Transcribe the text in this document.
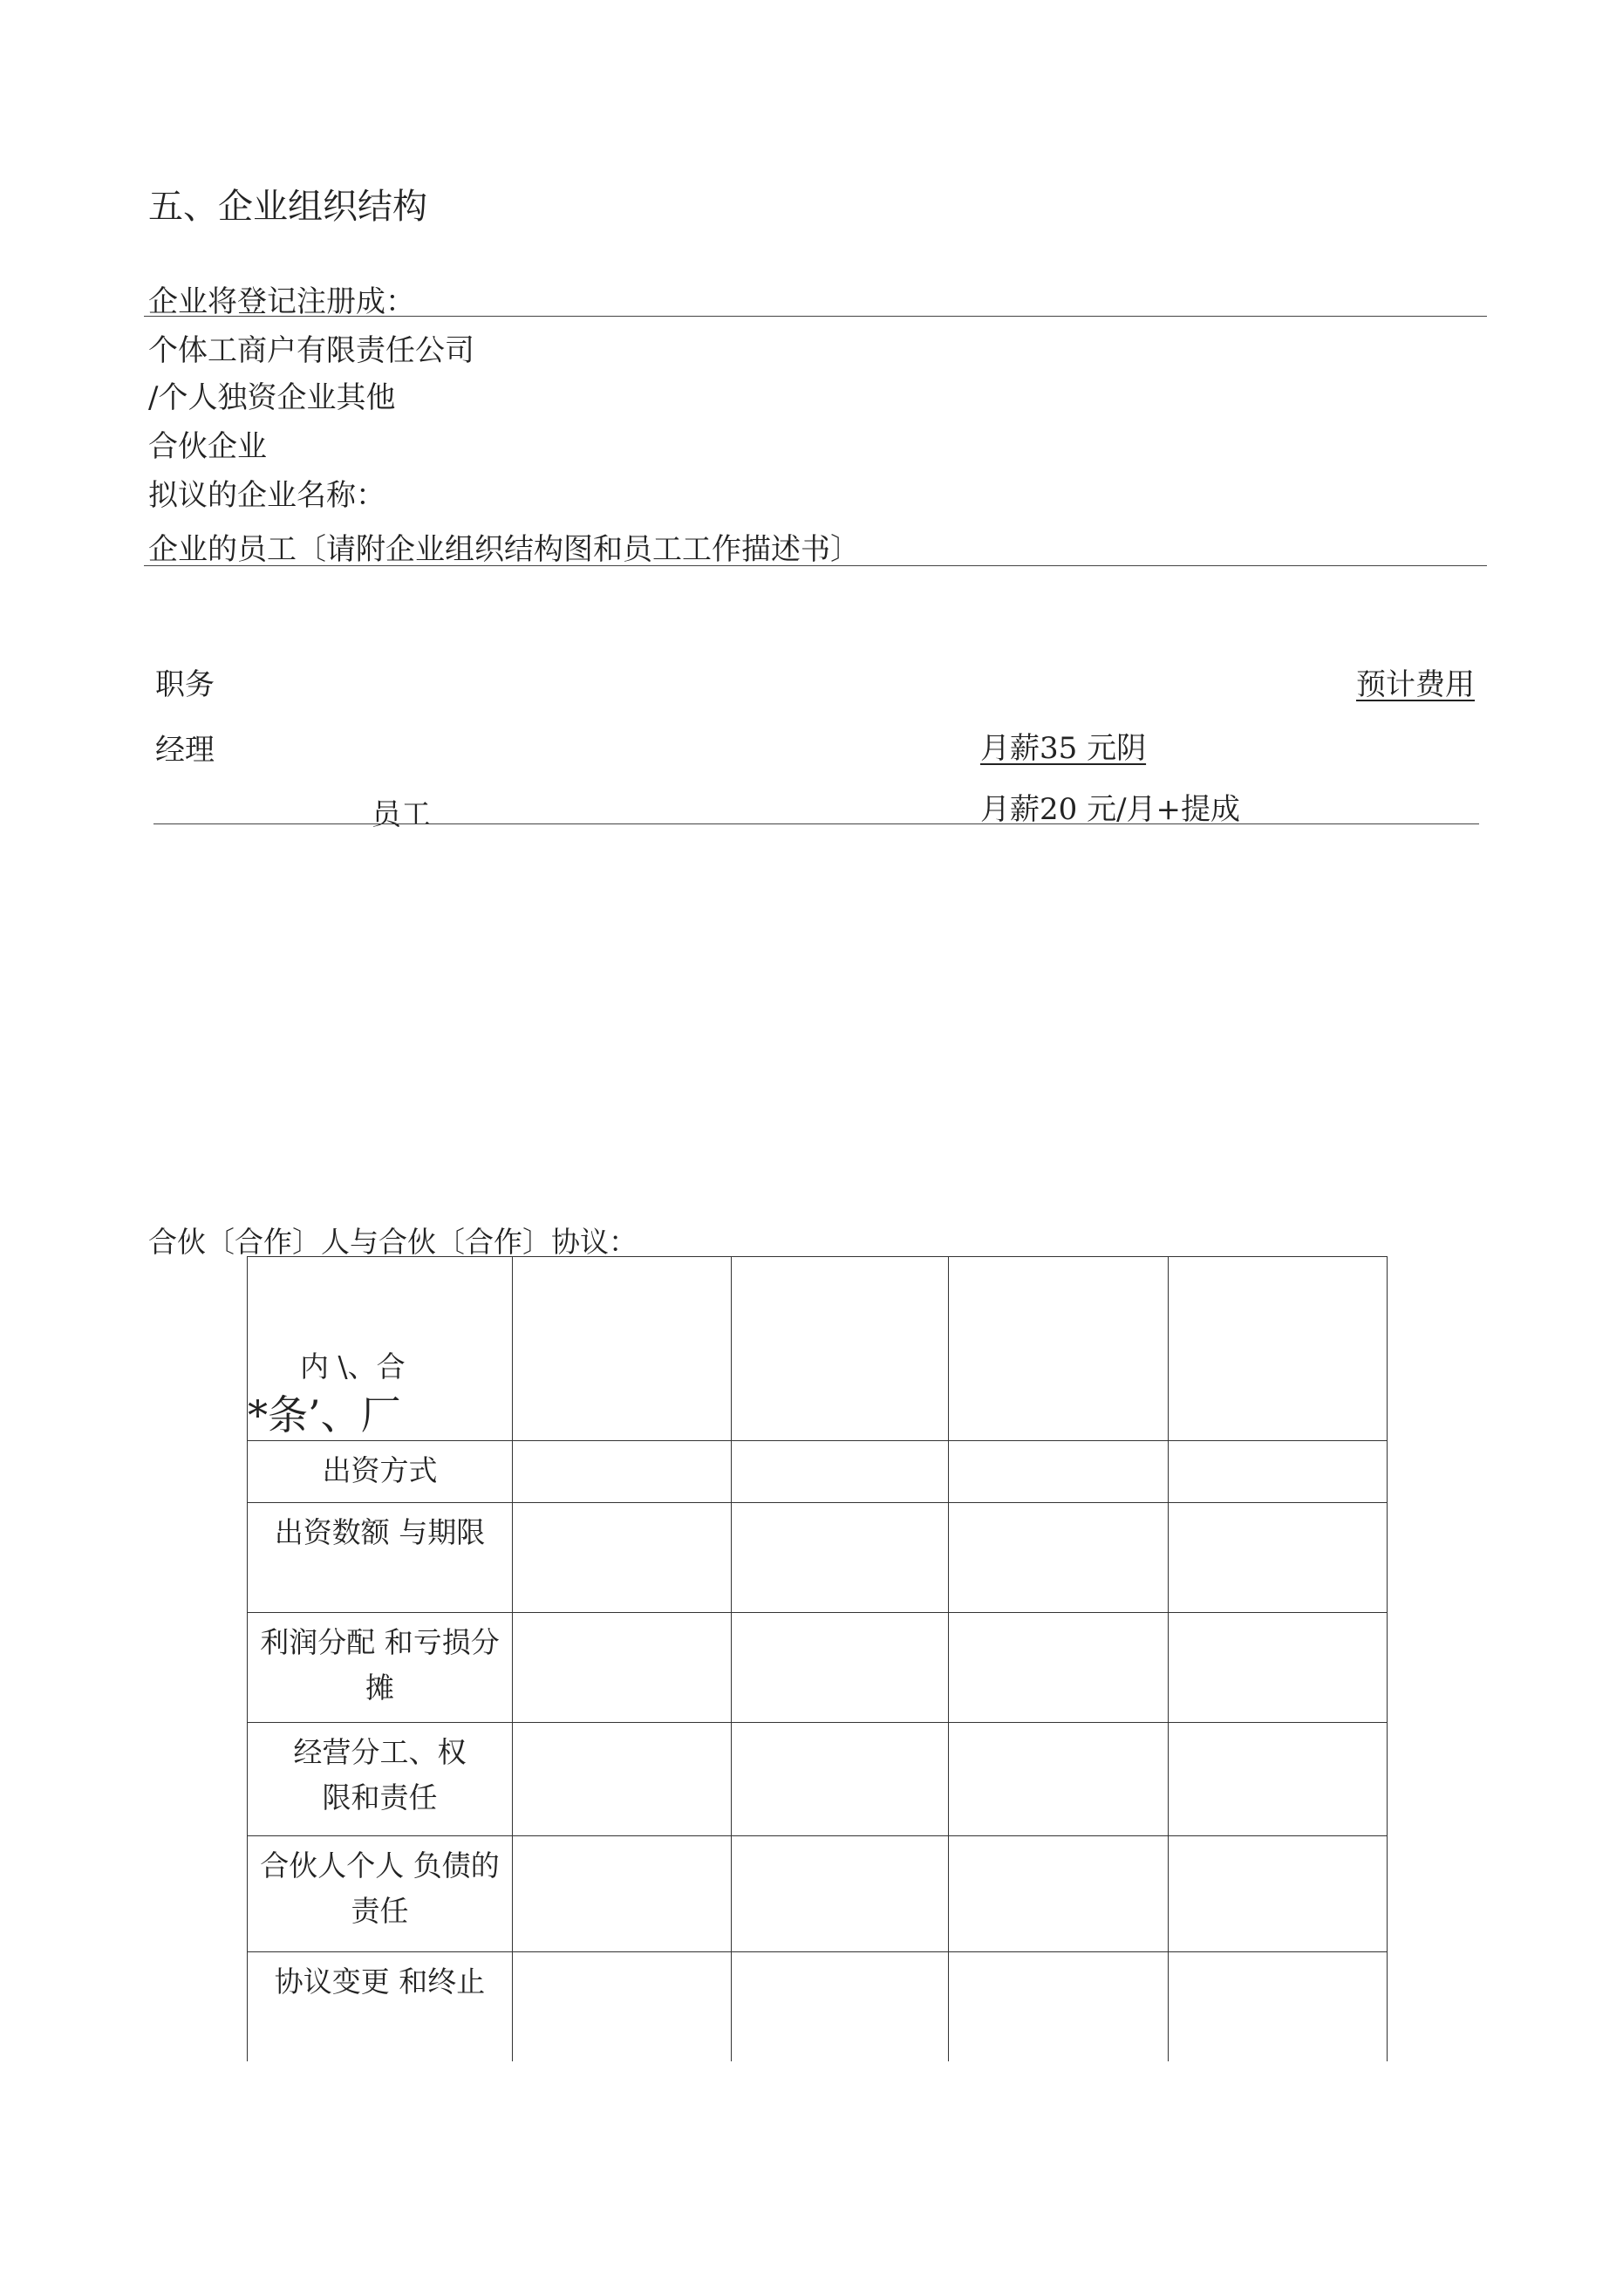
五、企业组织结构
企业将登记注册成：
个体工商户有限责任公司
/个人独资企业其他
合伙企业
拟议的企业名称：
企业的员工〔请附企业组织结构图和员工工作描述书〕
职务	预计费用
经理	月薪35 元阴
员工	月薪20 元/月+提成
合伙〔合作〕人与合伙〔合作〕协议：
内 \、合
*条’、厂				

出资方式				

出资数额 与期限				

利润分配 和亏损分摊				

经营分工、权限和责任				

合伙人个人 负债的责任				

协议变更 和终止				
